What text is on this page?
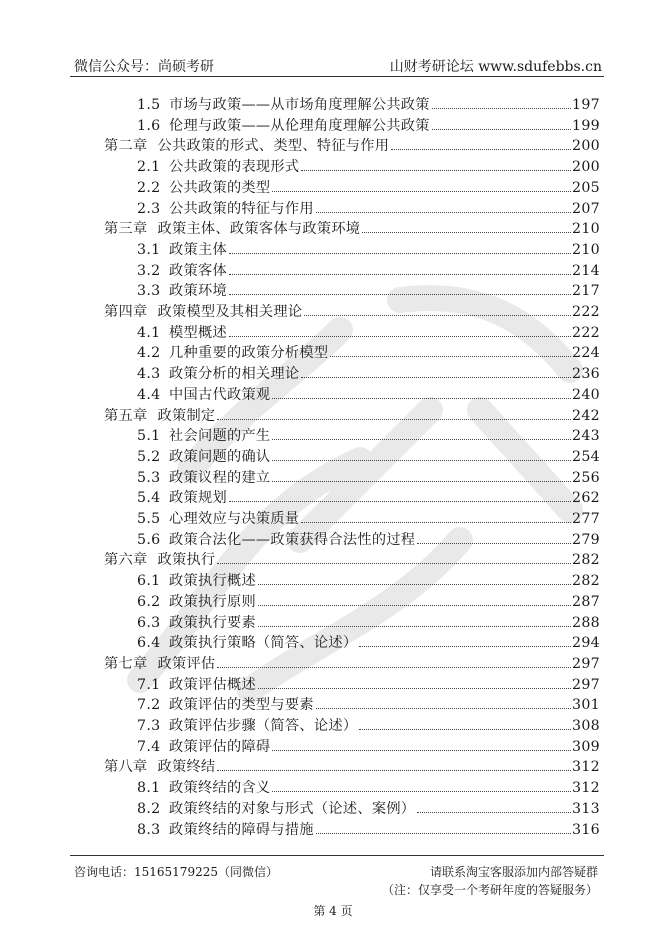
微信公众号：尚硕考研	山财考研论坛 www.sdufebbs.cn
1.5 市场与政策——从市场角度理解公共政策	197
1.6 伦理与政策——从伦理角度理解公共政策	199
第二章 公共政策的形式、类型、特征与作用	200
2.1 公共政策的表现形式	200
2.2 公共政策的类型	205
2.3 公共政策的特征与作用	207
第三章 政策主体、政策客体与政策环境	210
3.1 政策主体	210
3.2 政策客体	214
3.3 政策环境	217
第四章 政策模型及其相关理论	222
4.1 模型概述	222
4.2 几种重要的政策分析模型	224
4.3 政策分析的相关理论	236
4.4 中国古代政策观	240
第五章 政策制定	242
5.1 社会问题的产生	243
5.2 政策问题的确认	254
5.3 政策议程的建立	256
5.4 政策规划	262
5.5 心理效应与决策质量	277
5.6 政策合法化——政策获得合法性的过程	279
第六章 政策执行	282
6.1 政策执行概述	282
6.2 政策执行原则	287
6.3 政策执行要素	288
6.4 政策执行策略（简答、论述）	294
第七章 政策评估	297
7.1 政策评估概述	297
7.2 政策评估的类型与要素	301
7.3 政策评估步骤（简答、论述）	308
7.4 政策评估的障碍	309
第八章 政策终结	312
8.1 政策终结的含义	312
8.2 政策终结的对象与形式（论述、案例）	313
8.3 政策终结的障碍与措施	316
咨询电话：15165179225（同微信）	请联系淘宝客服添加内部答疑群
（注：仅享受一个考研年度的答疑服务）
第 4 页
